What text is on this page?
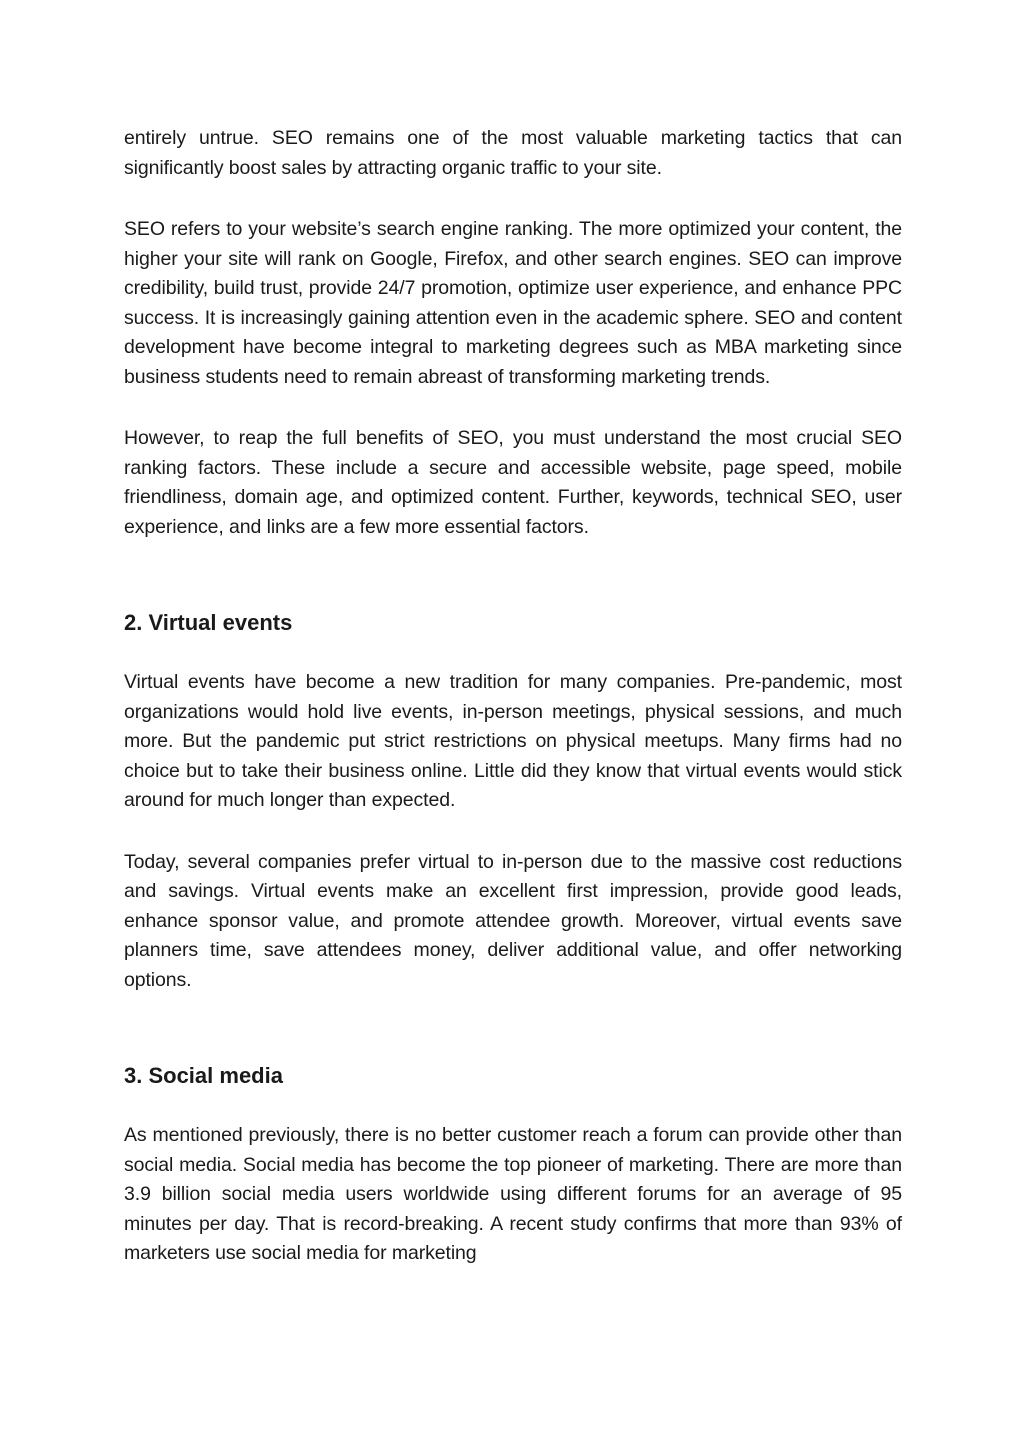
entirely untrue. SEO remains one of the most valuable marketing tactics that can significantly boost sales by attracting organic traffic to your site.

SEO refers to your website’s search engine ranking. The more optimized your content, the higher your site will rank on Google, Firefox, and other search engines. SEO can improve credibility, build trust, provide 24/7 promotion, optimize user experience, and enhance PPC success. It is increasingly gaining attention even in the academic sphere. SEO and content development have become integral to marketing degrees such as MBA marketing since business students need to remain abreast of transforming marketing trends.

However, to reap the full benefits of SEO, you must understand the most crucial SEO ranking factors. These include a secure and accessible website, page speed, mobile friendliness, domain age, and optimized content. Further, keywords, technical SEO, user experience, and links are a few more essential factors.

2. Virtual events

Virtual events have become a new tradition for many companies. Pre-pandemic, most organizations would hold live events, in-person meetings, physical sessions, and much more. But the pandemic put strict restrictions on physical meetups. Many firms had no choice but to take their business online. Little did they know that virtual events would stick around for much longer than expected.

Today, several companies prefer virtual to in-person due to the massive cost reductions and savings. Virtual events make an excellent first impression, provide good leads, enhance sponsor value, and promote attendee growth. Moreover, virtual events save planners time, save attendees money, deliver additional value, and offer networking options.

3. Social media

As mentioned previously, there is no better customer reach a forum can provide other than social media. Social media has become the top pioneer of marketing. There are more than 3.9 billion social media users worldwide using different forums for an average of 95 minutes per day. That is record-breaking. A recent study confirms that more than 93% of marketers use social media for marketing
